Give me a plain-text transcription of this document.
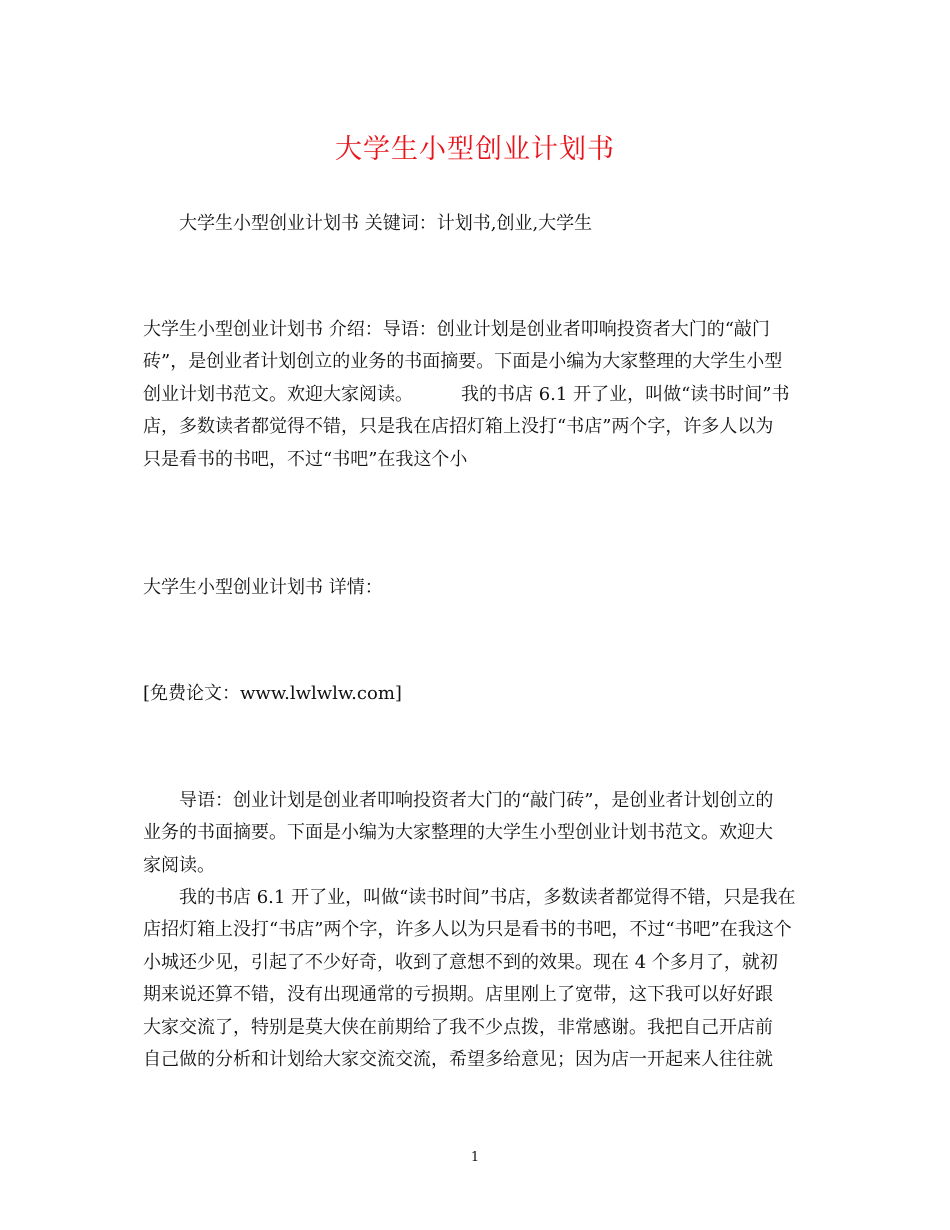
大学生小型创业计划书

大学生小型创业计划书 关键词：计划书,创业,大学生

大学生小型创业计划书 介绍：导语：创业计划是创业者叩响投资者大门的“敲门
砖”，是创业者计划创立的业务的书面摘要。下面是小编为大家整理的大学生小型
创业计划书范文。欢迎大家阅读。	我的书店 6.1 开了业，叫做“读书时间”书
店，多数读者都觉得不错，只是我在店招灯箱上没打“书店”两个字，许多人以为
只是看书的书吧，不过“书吧”在我这个小

大学生小型创业计划书 详情：

[免费论文：www.lwlwlw.com]

导语：创业计划是创业者叩响投资者大门的“敲门砖”，是创业者计划创立的
业务的书面摘要。下面是小编为大家整理的大学生小型创业计划书范文。欢迎大
家阅读。

我的书店 6.1 开了业，叫做“读书时间”书店，多数读者都觉得不错，只是我在
店招灯箱上没打“书店”两个字，许多人以为只是看书的书吧，不过“书吧”在我这个
小城还少见，引起了不少好奇，收到了意想不到的效果。现在 4 个多月了，就初
期来说还算不错，没有出现通常的亏损期。店里刚上了宽带，这下我可以好好跟
大家交流了，特别是莫大侠在前期给了我不少点拨，非常感谢。我把自己开店前
自己做的分析和计划给大家交流交流，希望多给意见；因为店一开起来人往往就

1
